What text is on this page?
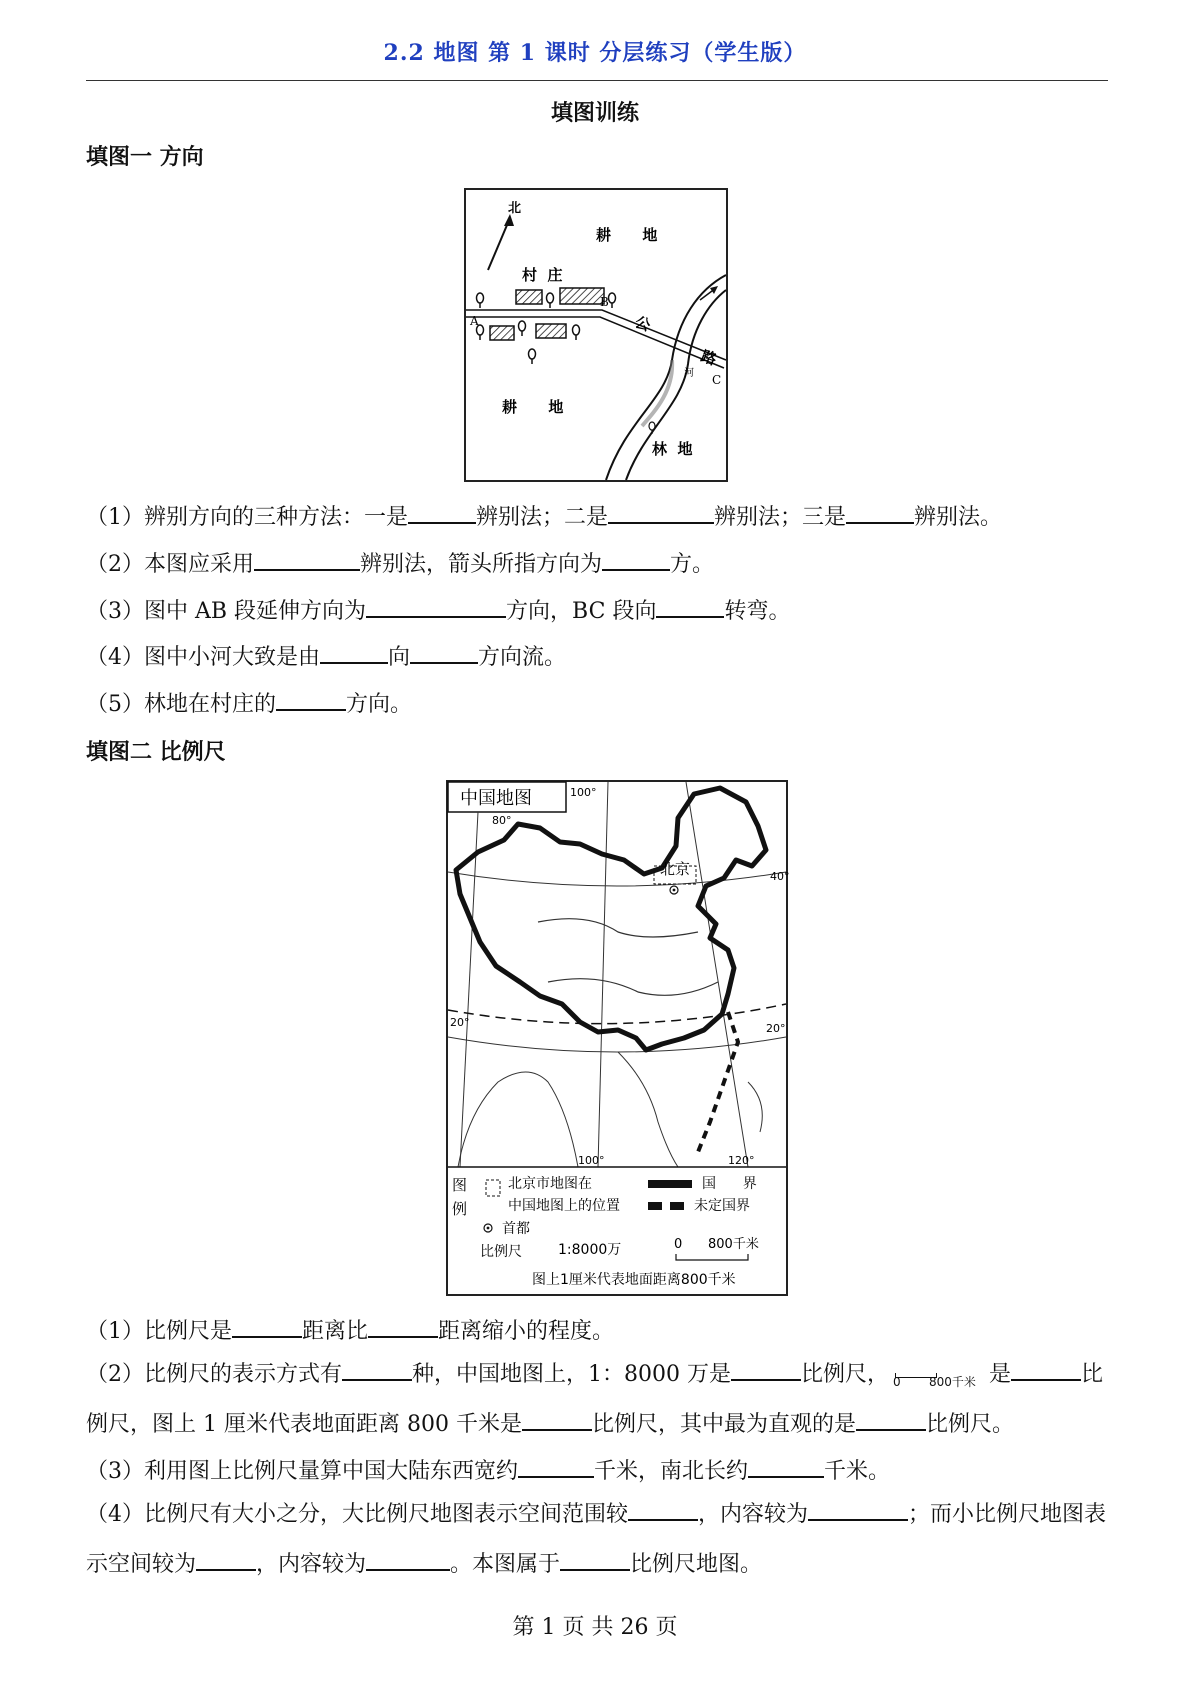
2.2 地图 第 1 课时 分层练习（学生版）
填图训练
填图一 方向
北
耕      地
村  庄
A
B
C
公
路
河
耕      地
林  地
（1）辨别方向的三种方法：一是	辨别法；二是	辨别法；三是	辨别法。
（2）本图应采用	辨别法，箭头所指方向为	方。
（3）图中 AB 段延伸方向为	方向，BC 段向	转弯。
（4）图中小河大致是由	向	方向流。
（5）林地在村庄的	方向。
填图二 比例尺
中国地图	100°
80°
40°
20°	20°
100°	120°
北京
图
例
北京市地图在
中国地图上的位置
国      界
未定国界
首都
比例尺	1:8000万	0 800千米
图上1厘米代表地面距离800千米
（1）比例尺是	距离比	距离缩小的程度。
（2）比例尺的表示方式有	种，中国地图上，1：8000 万是	比例尺， 0 800千米 是	比例尺，图上 1 厘米代表地面距离 800 千米是	比例尺，其中最为直观的是	比例尺。
（3）利用图上比例尺量算中国大陆东西宽约	千米，南北长约	千米。
（4）比例尺有大小之分，大比例尺地图表示空间范围较	，内容较为	；而小比例尺地图表示空间较为	，内容较为	。本图属于	比例尺地图。
第 1 页 共 26 页
